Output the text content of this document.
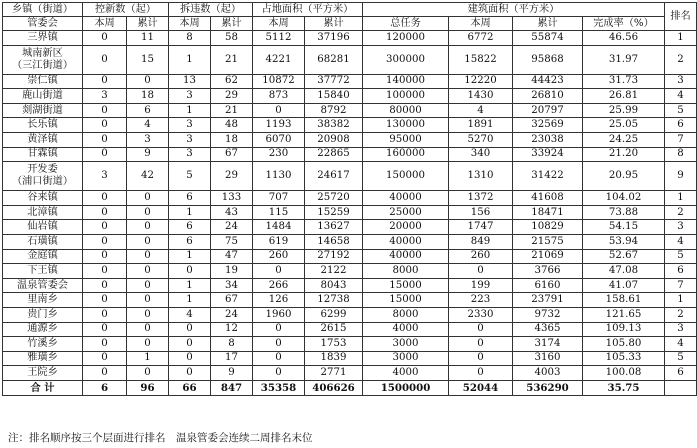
乡镇（街道）	控新数（起）		拆违数（起）		占地面积（平方米）		建筑面积（平方米）				排名
管委会	本周	累计	本周	累计	本周	累计	总任务	本周	累计	完成率（%）	
三界镇	0	11	8	58	5112	37196	120000	6772	55874	46.56	1

城南新区
（三江街道）	0	15	1	21	4221	68281	300000	15822	95868	31.97	2
崇仁镇	0	0	13	62	10872	37772	140000	12220	44423	31.73	3
鹿山街道	3	18	3	29	873	15840	100000	1430	26810	26.81	4
剡湖街道	0	6	1	21	0	8792	80000	4	20797	25.99	5
长乐镇	0	4	3	48	1193	38382	130000	1891	32569	25.05	6
黄泽镇	0	3	3	18	6070	20908	95000	5270	23038	24.25	7
甘霖镇	0	9	3	67	230	22865	160000	340	33924	21.20	8

开发委
（浦口街道）	3	42	5	29	1130	24617	150000	1310	31422	20.95	9
谷来镇	0	0	6	133	707	25720	40000	1372	41608	104.02	1
北漳镇	0	0	1	43	115	15259	25000	156	18471	73.88	2
仙岩镇	0	0	6	24	1484	13627	20000	1747	10829	54.15	3
石璜镇	0	0	6	75	619	14658	40000	849	21575	53.94	4
金庭镇	0	0	1	47	260	27192	40000	260	21069	52.67	5
下王镇	0	0	0	19	0	2122	8000	0	3766	47.08	6
温泉管委会	0	0	1	34	266	8043	15000	199	6160	41.07	7
里南乡	0	0	1	67	126	12738	15000	223	23791	158.61	1
贵门乡	0	0	4	24	1960	6299	8000	2330	9732	121.65	2
通源乡	0	0	0	12	0	2615	4000	0	4365	109.13	3
竹溪乡	0	0	0	8	0	1753	3000	0	3174	105.80	4
雅璜乡	0	1	0	17	0	1839	3000	0	3160	105.33	5
王院乡	0	0	0	9	0	2771	4000	0	4003	100.08	6
合 计	6	96	66	847	35358	406626	1500000	52044	536290	35.75	
注：排名顺序按三个层面进行排名　温泉管委会连续二周排名末位
